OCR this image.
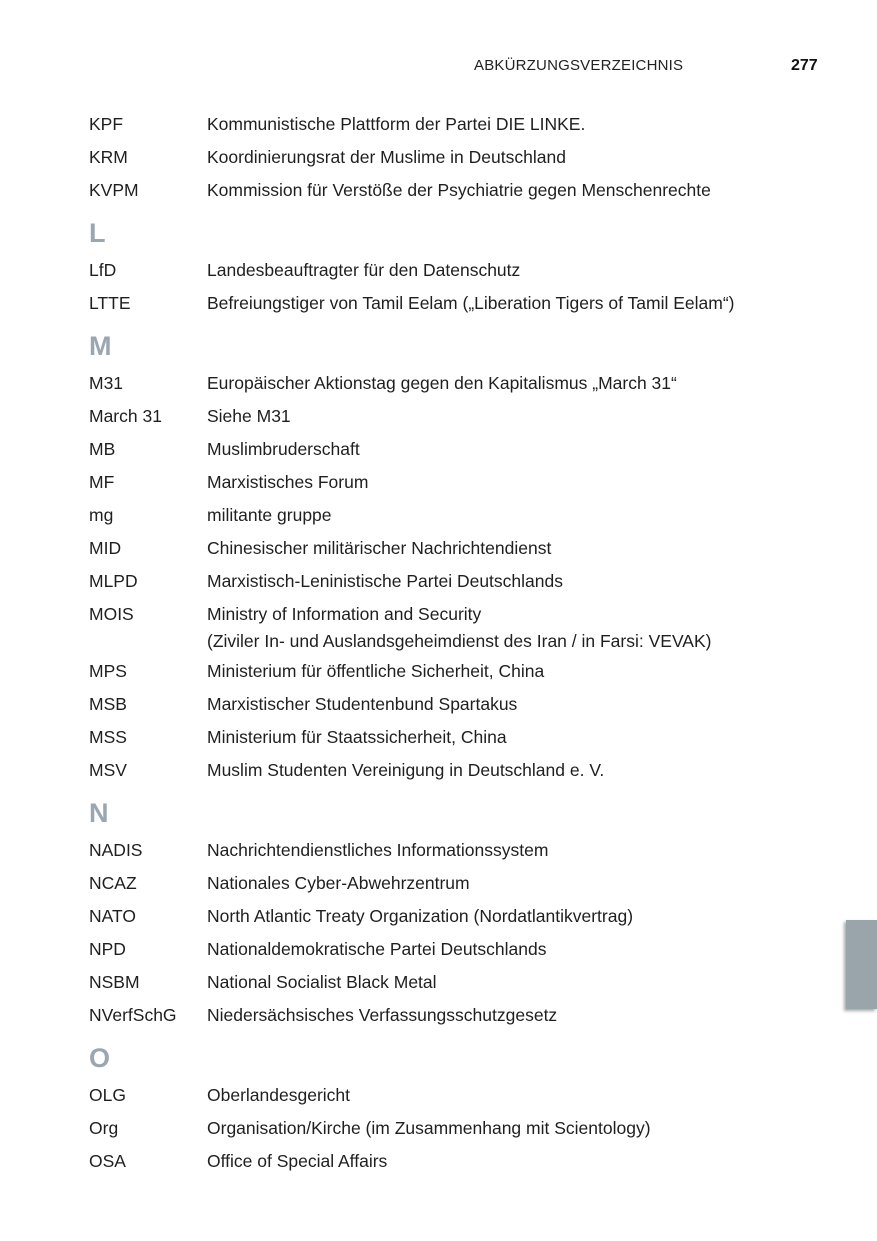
ABKÜRZUNGSVERZEICHNIS	277
KPF	Kommunistische Plattform der Partei DIE LINKE.
KRM	Koordinierungsrat der Muslime in Deutschland
KVPM	Kommission für Verstöße der Psychiatrie gegen Menschenrechte
L
LfD	Landesbeauftragter für den Datenschutz
LTTE	Befreiungstiger von Tamil Eelam („Liberation Tigers of Tamil Eelam“)
M
M31	Europäischer Aktionstag gegen den Kapitalismus „March 31“
March 31	Siehe M31
MB	Muslimbruderschaft
MF	Marxistisches Forum
mg	militante gruppe
MID	Chinesischer militärischer Nachrichtendienst
MLPD	Marxistisch-Leninistische Partei Deutschlands
MOIS	Ministry of Information and Security
(Ziviler In- und Auslandsgeheimdienst des Iran / in Farsi: VEVAK)
MPS	Ministerium für öffentliche Sicherheit, China
MSB	Marxistischer Studentenbund Spartakus
MSS	Ministerium für Staatssicherheit, China
MSV	Muslim Studenten Vereinigung in Deutschland e. V.
N
NADIS	Nachrichtendienstliches Informationssystem
NCAZ	Nationales Cyber-Abwehrzentrum
NATO	North Atlantic Treaty Organization (Nordatlantikvertrag)
NPD	Nationaldemokratische Partei Deutschlands
NSBM	National Socialist Black Metal
NVerfSchG	Niedersächsisches Verfassungsschutzgesetz
O
OLG	Oberlandesgericht
Org	Organisation/Kirche (im Zusammenhang mit Scientology)
OSA	Office of Special Affairs
